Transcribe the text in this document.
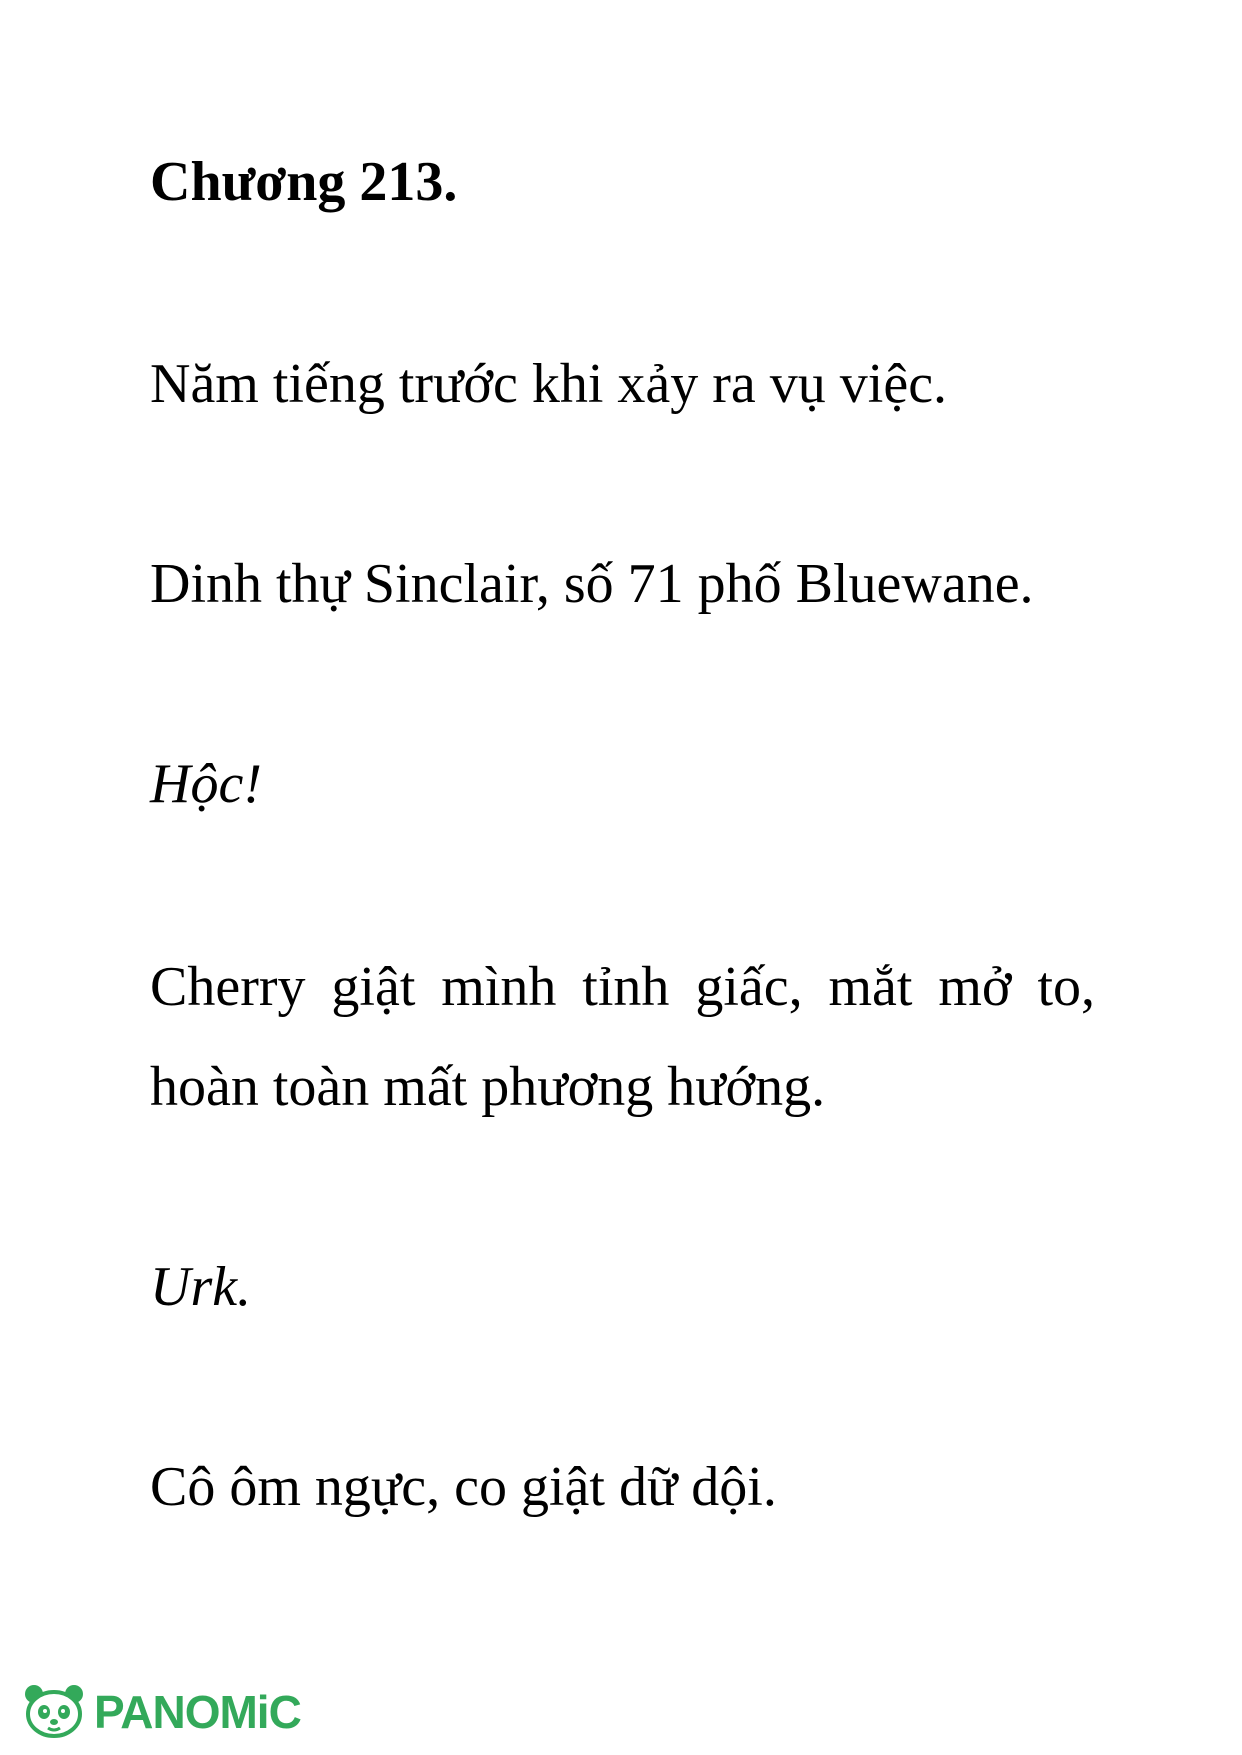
Chương 213.

Năm tiếng trước khi xảy ra vụ việc.

Dinh thự Sinclair, số 71 phố Bluewane.

Hộc!

Cherry giật mình tỉnh giấc, mắt mở to,

hoàn toàn mất phương hướng.

Urk.

Cô ôm ngực, co giật dữ dội.

PANOMiC
